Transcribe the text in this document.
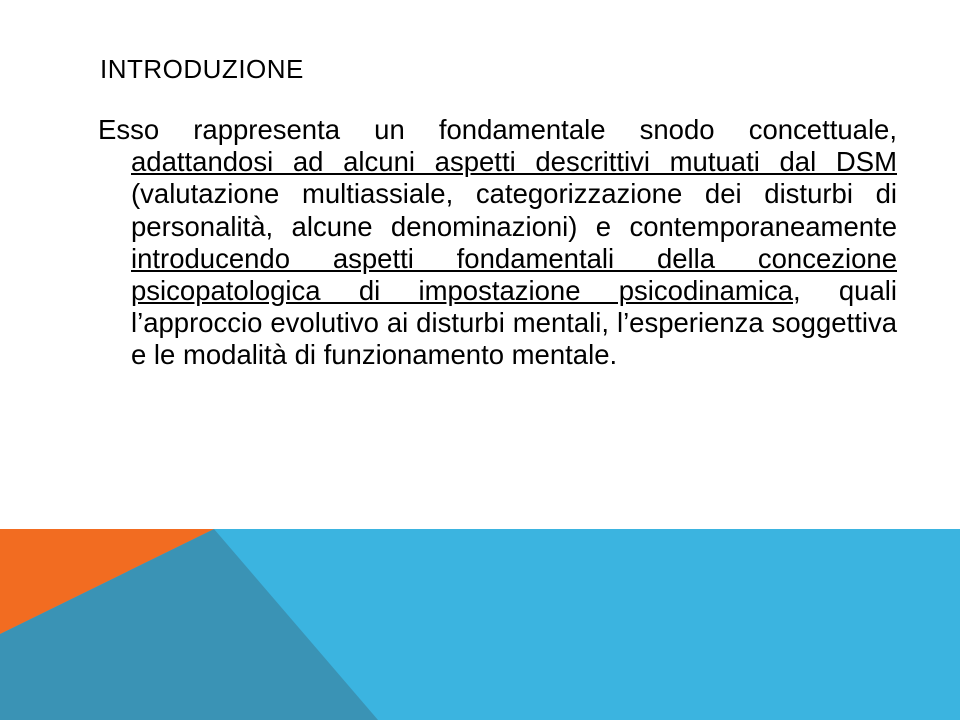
INTRODUZIONE

Esso rappresenta un fondamentale snodo concettuale, adattandosi ad alcuni aspetti descrittivi mutuati dal DSM (valutazione multiassiale, categorizzazione dei disturbi di personalità, alcune denominazioni) e contemporaneamente introducendo aspetti fondamentali della concezione psicopatologica di impostazione psicodinamica, quali l’approccio evolutivo ai disturbi mentali, l’esperienza soggettiva e le modalità di funzionamento mentale.
